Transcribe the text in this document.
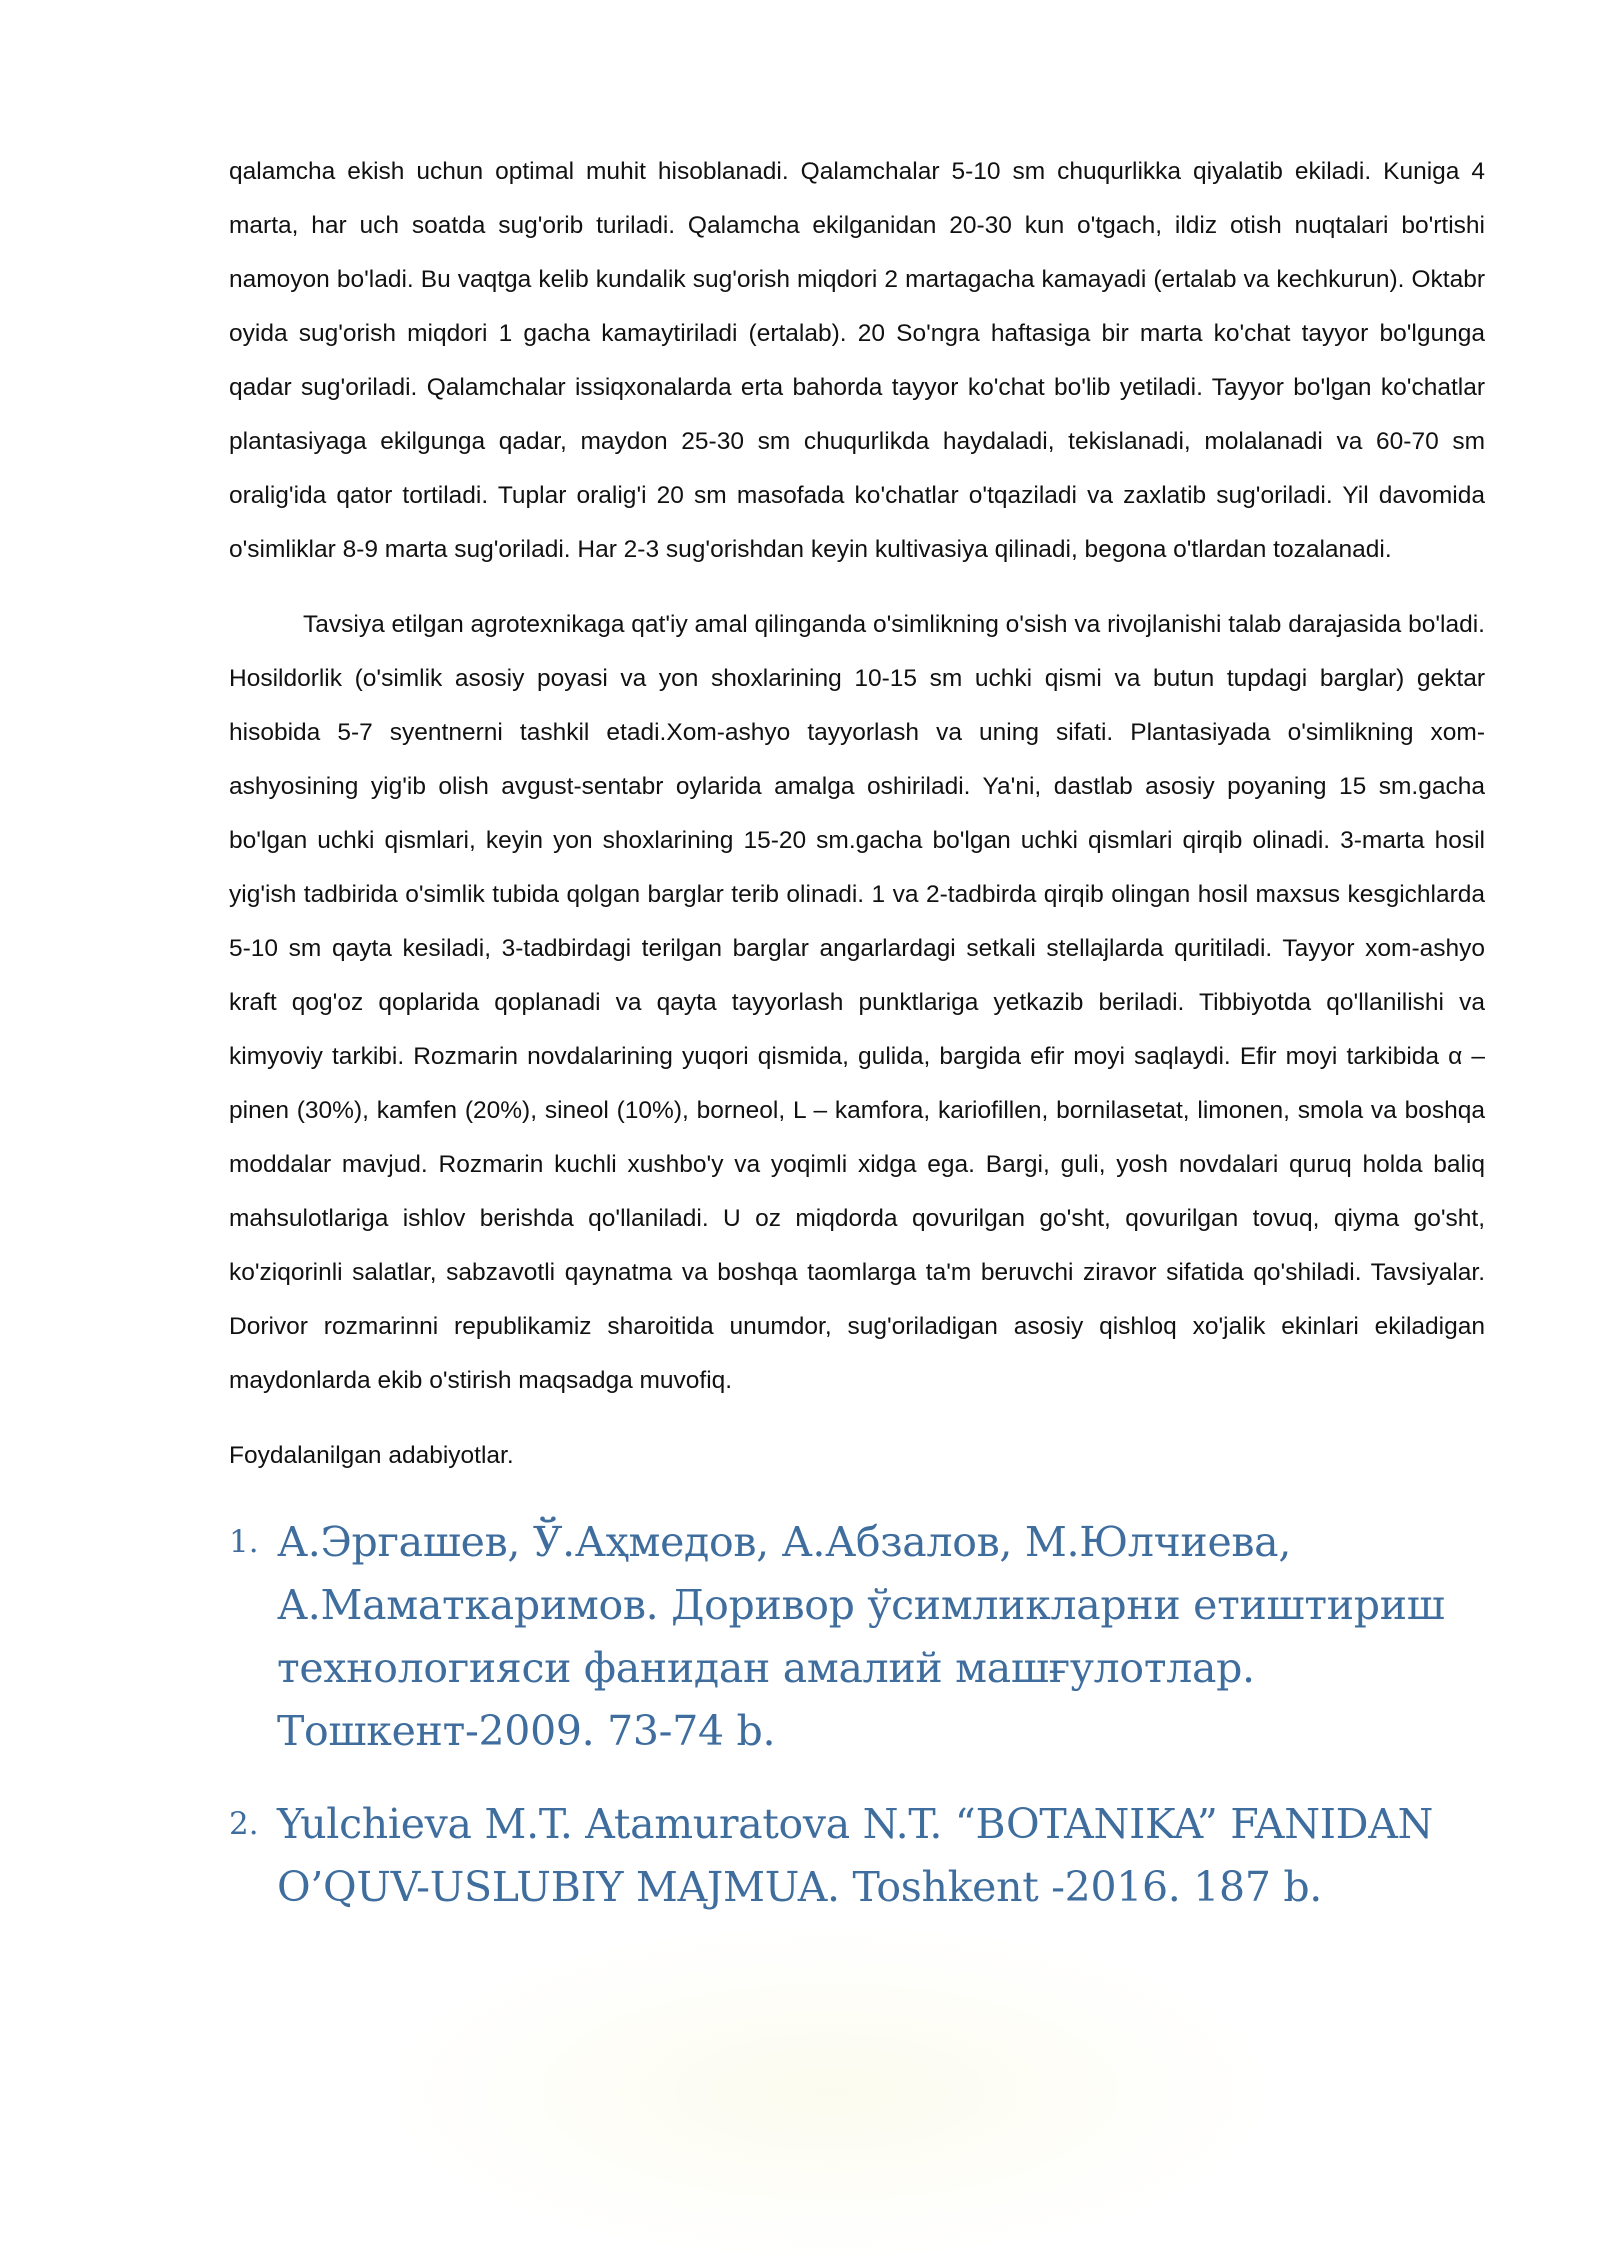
qalamcha ekish uchun optimal muhit hisoblanadi. Qalamchalar 5-10 sm chuqurlikka qiyalatib ekiladi. Kuniga 4 marta, har uch soatda sug'orib turiladi. Qalamcha ekilganidan 20-30 kun o'tgach, ildiz otish nuqtalari bo'rtishi namoyon bo'ladi. Bu vaqtga kelib kundalik sug'orish miqdori 2 martagacha kamayadi (ertalab va kechkurun). Oktabr oyida sug'orish miqdori 1 gacha kamaytiriladi (ertalab). 20 So'ngra haftasiga bir marta ko'chat tayyor bo'lgunga qadar sug'oriladi. Qalamchalar issiqxonalarda erta bahorda tayyor ko'chat bo'lib yetiladi. Tayyor bo'lgan ko'chatlar plantasiyaga ekilgunga qadar, maydon 25-30 sm chuqurlikda haydaladi, tekislanadi, molalanadi va 60-70 sm oralig'ida qator tortiladi. Tuplar oralig'i 20 sm masofada ko'chatlar o'tqaziladi va zaxlatib sug'oriladi. Yil davomida o'simliklar 8-9 marta sug'oriladi. Har 2-3 sug'orishdan keyin kultivasiya qilinadi, begona o'tlardan tozalanadi.

Tavsiya etilgan agrotexnikaga qat'iy amal qilinganda o'simlikning o'sish va rivojlanishi talab darajasida bo'ladi. Hosildorlik (o'simlik asosiy poyasi va yon shoxlarining 10-15 sm uchki qismi va butun tupdagi barglar) gektar hisobida 5-7 syentnerni tashkil etadi.Xom-ashyo tayyorlash va uning sifati. Plantasiyada o'simlikning xom- ashyosining yig'ib olish avgust-sentabr oylarida amalga oshiriladi. Ya'ni, dastlab asosiy poyaning 15 sm.gacha bo'lgan uchki qismlari, keyin yon shoxlarining 15-20 sm.gacha bo'lgan uchki qismlari qirqib olinadi. 3-marta hosil yig'ish tadbirida o'simlik tubida qolgan barglar terib olinadi. 1 va 2-tadbirda qirqib olingan hosil maxsus kesgichlarda 5-10 sm qayta kesiladi, 3-tadbirdagi terilgan barglar angarlardagi setkali stellajlarda quritiladi. Tayyor xom-ashyo kraft qog'oz qoplarida qoplanadi va qayta tayyorlash punktlariga yetkazib beriladi. Tibbiyotda qo'llanilishi va kimyoviy tarkibi. Rozmarin novdalarining yuqori qismida, gulida, bargida efir moyi saqlaydi. Efir moyi tarkibida α – pinen (30%), kamfen (20%), sineol (10%), borneol, L – kamfora, kariofillen, bornilasetat, limonen, smola va boshqa moddalar mavjud. Rozmarin kuchli xushbo'y va yoqimli xidga ega. Bargi, guli, yosh novdalari quruq holda baliq mahsulotlariga ishlov berishda qo'llaniladi. U oz miqdorda qovurilgan go'sht, qovurilgan tovuq, qiyma go'sht, ko'ziqorinli salatlar, sabzavotli qaynatma va boshqa taomlarga ta'm beruvchi ziravor sifatida qo'shiladi. Tavsiyalar. Dorivor rozmarinni republikamiz sharoitida unumdor, sug'oriladigan asosiy qishloq xo'jalik ekinlari ekiladigan maydonlarda ekib o'stirish maqsadga muvofiq.

Foydalanilgan adabiyotlar.

1. А.Эргашев, Ў.Аҳмедов, А.Абзалов, М.Юлчиева, А.Маматкаримов. Доривор ўсимликларни етиштириш технологияси фанидан амалий машғулотлар. Тошкент-2009. 73-74 b.
2. Yulchieva M.T. Atamuratova N.T. “BOTANIKA” FANIDAN O’QUV-USLUBIY MAJMUA. Toshkent -2016. 187 b.
